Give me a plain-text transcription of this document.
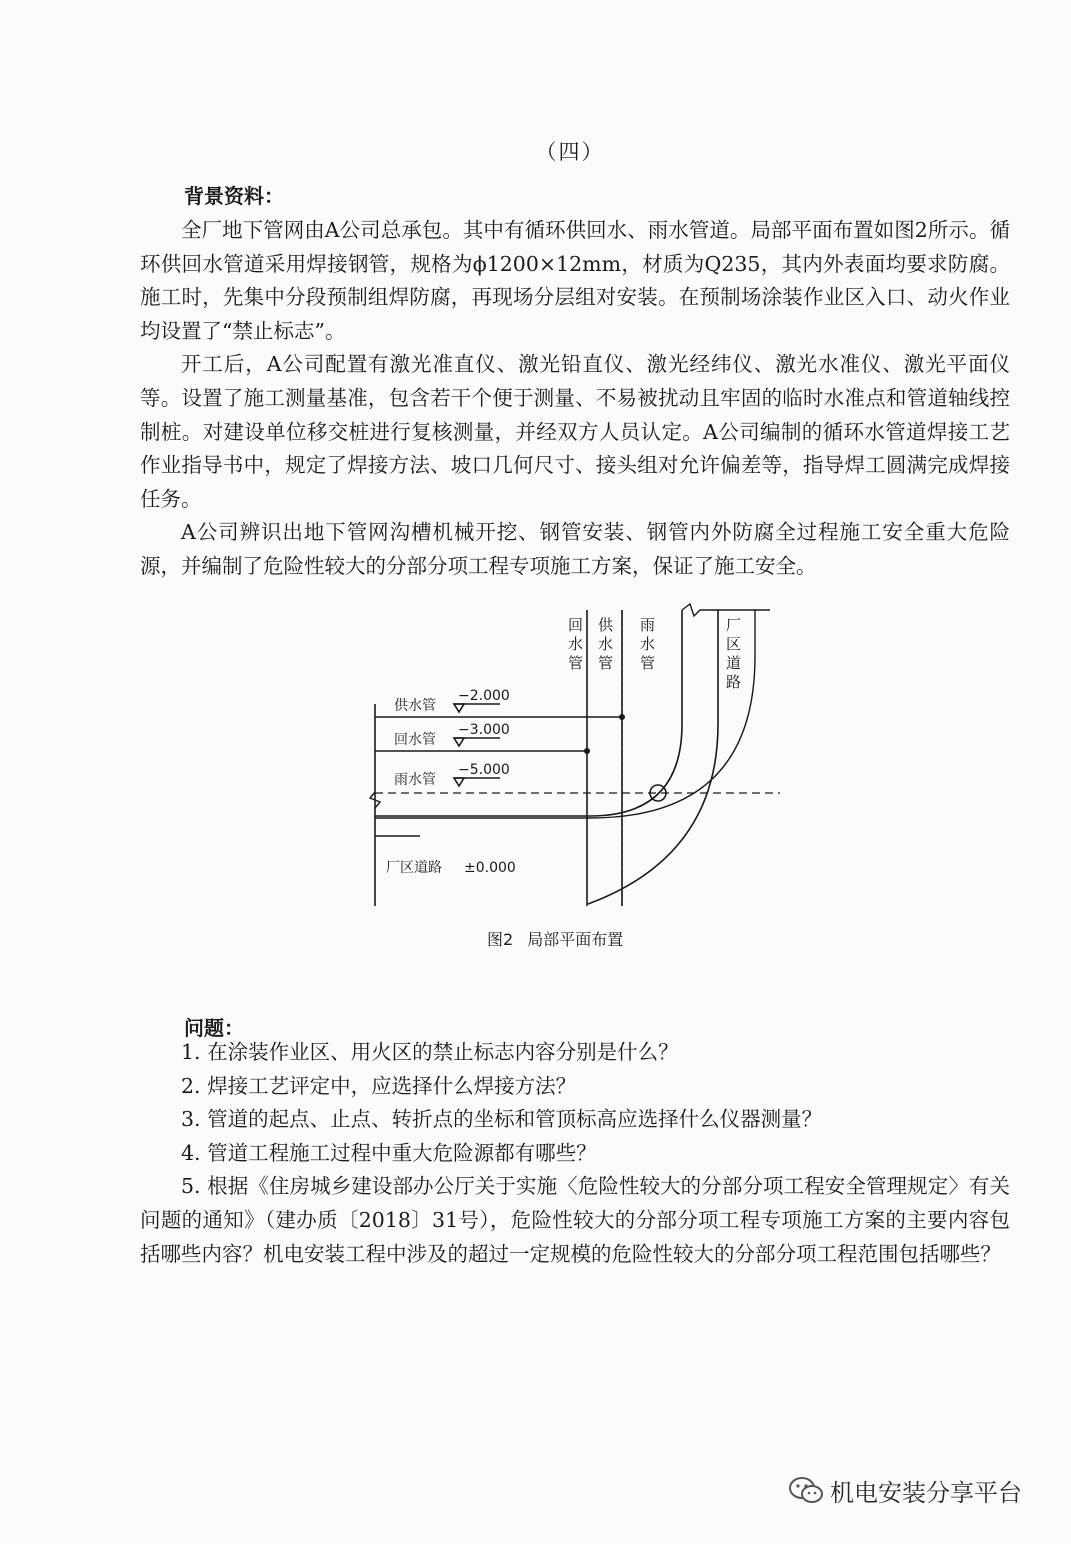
（四）
背景资料：

全厂地下管网由A公司总承包。其中有循环供回水、雨水管道。局部平面布置如图2所示。循环供回水管道采用焊接钢管，规格为ϕ1200×12mm，材质为Q235，其内外表面均要求防腐。施工时，先集中分段预制组焊防腐，再现场分层组对安装。在预制场涂装作业区入口、动火作业均设置了“禁止标志”。

开工后，A公司配置有激光准直仪、激光铅直仪、激光经纬仪、激光水准仪、激光平面仪等。设置了施工测量基准，包含若干个便于测量、不易被扰动且牢固的临时水准点和管道轴线控制桩。对建设单位移交桩进行复核测量，并经双方人员认定。A公司编制的循环水管道焊接工艺作业指导书中，规定了焊接方法、坡口几何尺寸、接头组对允许偏差等，指导焊工圆满完成焊接任务。

A公司辨识出地下管网沟槽机械开挖、钢管安装、钢管内外防腐全过程施工安全重大危险源，并编制了危险性较大的分部分项工程专项施工方案，保证了施工安全。

回水管
供水管
雨水管
厂区道路
供水管
−2.000
回水管
−3.000
雨水管
−5.000
厂区道路 ±0.000
图2 局部平面布置
问题：

1. 在涂装作业区、用火区的禁止标志内容分别是什么？

2. 焊接工艺评定中，应选择什么焊接方法？

3. 管道的起点、止点、转折点的坐标和管顶标高应选择什么仪器测量？

4. 管道工程施工过程中重大危险源都有哪些？

5. 根据《住房城乡建设部办公厅关于实施〈危险性较大的分部分项工程安全管理规定〉有关问题的通知》（建办质〔2018〕31号），危险性较大的分部分项工程专项施工方案的主要内容包括哪些内容？机电安装工程中涉及的超过一定规模的危险性较大的分部分项工程范围包括哪些？

机电安装分享平台
